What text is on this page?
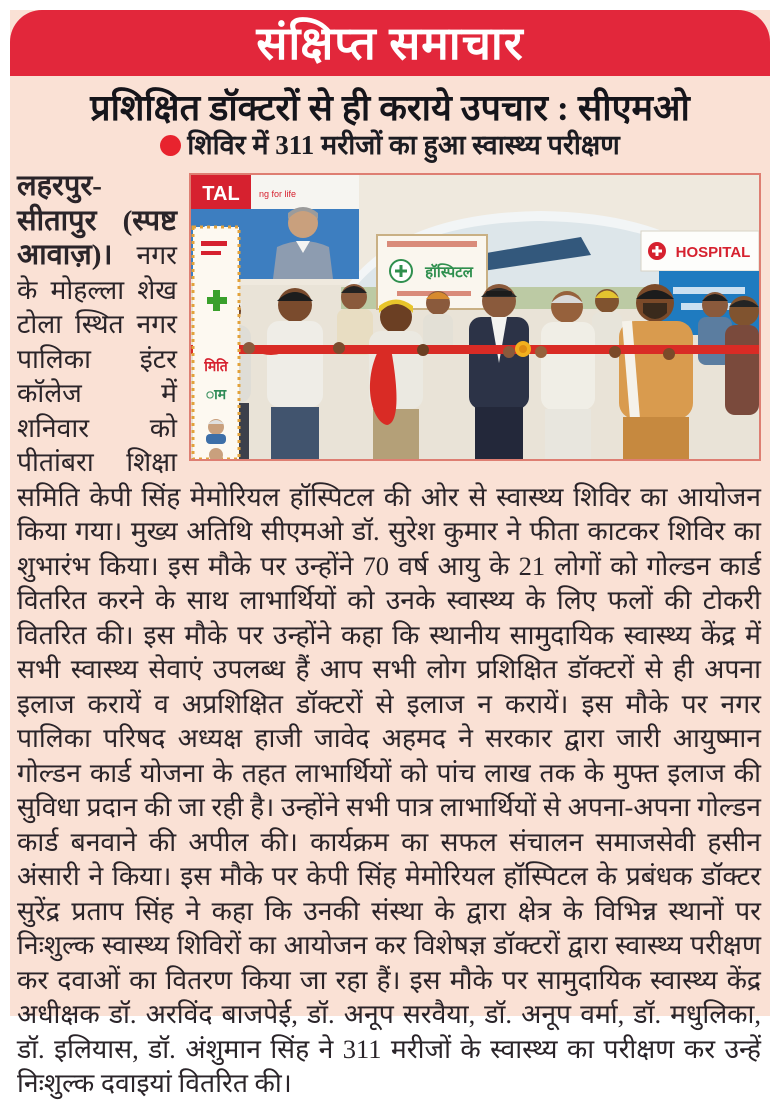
संक्षिप्त समाचार
प्रशिक्षित डॉक्टरों से ही कराये उपचार : सीएमओ
शिविर में 311 मरीजों का हुआ स्वास्थ्य परीक्षण
TAL ng for life
हॉस्पिटल
HOSPITAL
मिति
ाम

लहरपुर-सीतापुर (स्पष्ट आवाज़)। नगर के मोहल्ला शेख टोला स्थित नगर पालिका इंटर कॉलेज में शनिवार को पीतांबरा शिक्षा समिति केपी सिंह मेमोरियल हॉस्पिटल की ओर से स्वास्थ्य शिविर का आयोजन किया गया। मुख्य अतिथि सीएमओ डॉ. सुरेश कुमार ने फीता काटकर शिविर का शुभारंभ किया। इस मौके पर उन्होंने 70 वर्ष आयु के 21 लोगों को गोल्डन कार्ड वितरित करने के साथ लाभार्थियों को उनके स्वास्थ्य के लिए फलों की टोकरी वितरित की। इस मौके पर उन्होंने कहा कि स्थानीय सामुदायिक स्वास्थ्य केंद्र में सभी स्वास्थ्य सेवाएं उपलब्ध हैं आप सभी लोग प्रशिक्षित डॉक्टरों से ही अपना इलाज करायें व अप्रशिक्षित डॉक्टरों से इलाज न करायें। इस मौके पर नगर पालिका परिषद अध्यक्ष हाजी जावेद अहमद ने सरकार द्वारा जारी आयुष्मान गोल्डन कार्ड योजना के तहत लाभार्थियों को पांच लाख तक के मुफ्त इलाज की सुविधा प्रदान की जा रही है। उन्होंने सभी पात्र लाभार्थियों से अपना-अपना गोल्डन कार्ड बनवाने की अपील की। कार्यक्रम का सफल संचालन समाजसेवी हसीन अंसारी ने किया। इस मौके पर केपी सिंह मेमोरियल हॉस्पिटल के प्रबंधक डॉक्टर सुरेंद्र प्रताप सिंह ने कहा कि उनकी संस्था के द्वारा क्षेत्र के विभिन्न स्थानों पर निःशुल्क स्वास्थ्य शिविरों का आयोजन कर विशेषज्ञ डॉक्टरों द्वारा स्वास्थ्य परीक्षण कर दवाओं का वितरण किया जा रहा हैं। इस मौके पर सामुदायिक स्वास्थ्य केंद्र अधीक्षक डॉ. अरविंद बाजपेई, डॉ. अनूप सरवैया, डॉ. अनूप वर्मा, डॉ. मधुलिका, डॉ. इलियास, डॉ. अंशुमान सिंह ने 311 मरीजों के स्वास्थ्य का परीक्षण कर उन्हें निःशुल्क दवाइयां वितरित की।
